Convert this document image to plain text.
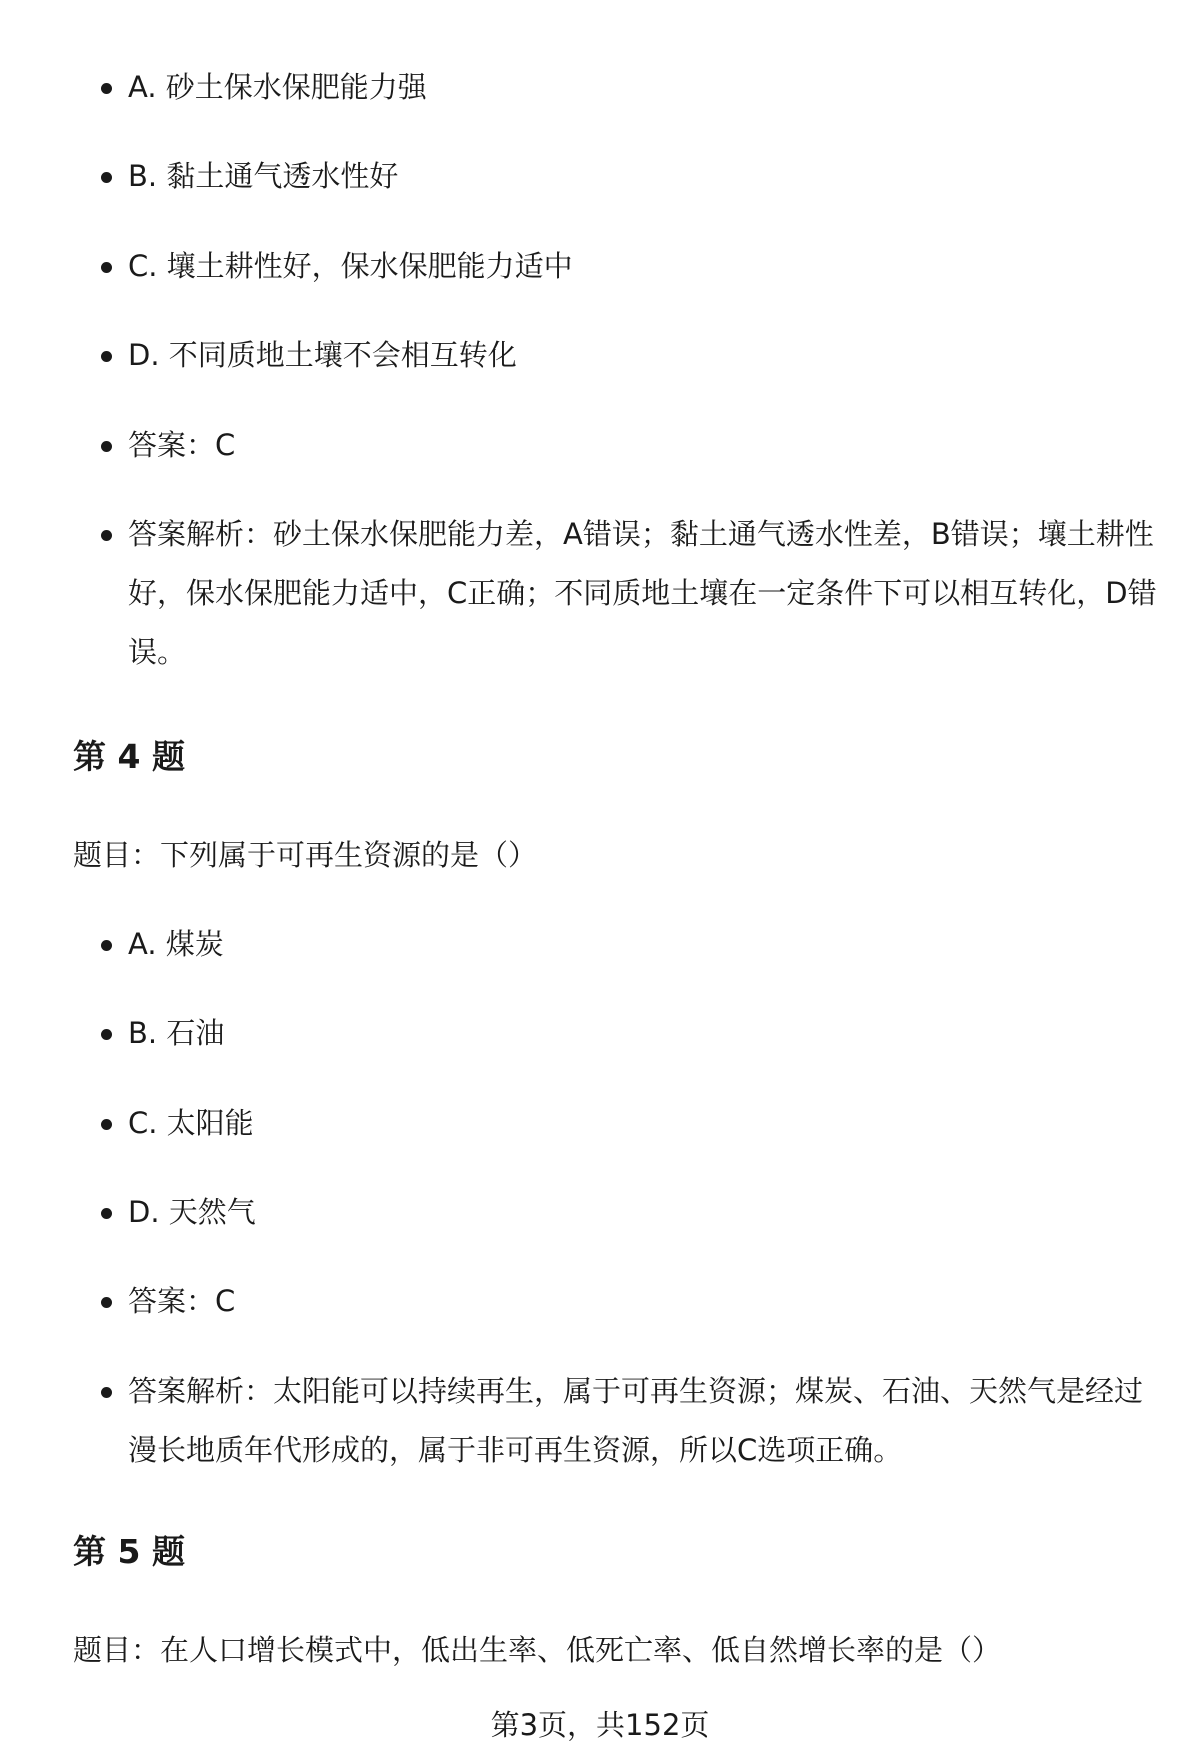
A. 砂土保水保肥能力强
B. 黏土通气透水性好
C. 壤土耕性好，保水保肥能力适中
D. 不同质地土壤不会相互转化
答案：C
答案解析：砂土保水保肥能力差，A错误；黏土通气透水性差，B错误；壤土耕性好，保水保肥能力适中，C正确；不同质地土壤在一定条件下可以相互转化，D错误。
第 4 题
题目：下列属于可再生资源的是（）
A. 煤炭
B. 石油
C. 太阳能
D. 天然气
答案：C
答案解析：太阳能可以持续再生，属于可再生资源；煤炭、石油、天然气是经过漫长地质年代形成的，属于非可再生资源，所以C选项正确。
第 5 题
题目：在人口增长模式中，低出生率、低死亡率、低自然增长率的是（）
第3页，共152页
